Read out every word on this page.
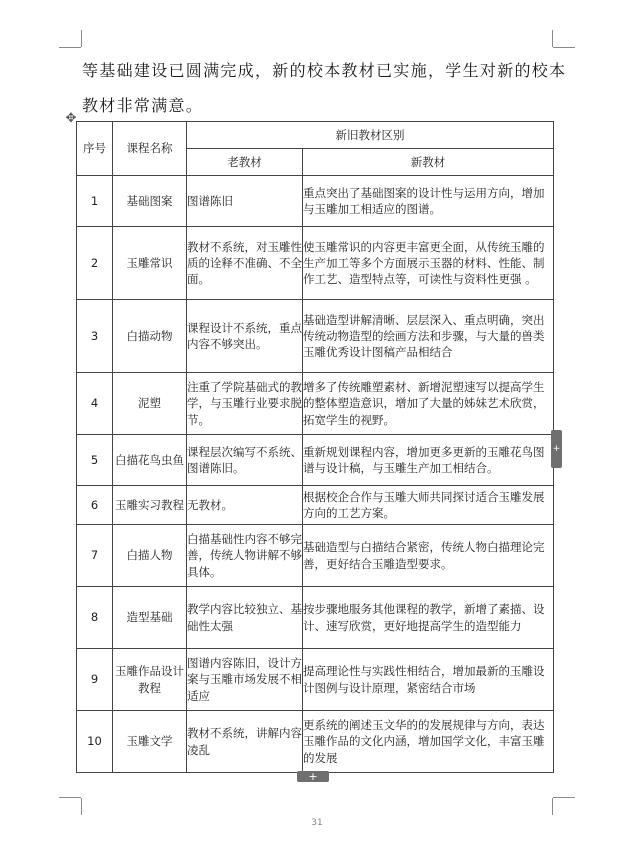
等基础建设已圆满完成，新的校本教材已实施，学生对新的校本
教材非常满意。
✥
序号	课程名称	新旧教材区别	
		老教材	新教材
1	基础图案	图谱陈旧	重点突出了基础图案的设计性与运用方向，增加与玉雕加工相适应的图谱。
2	玉雕常识	教材不系统，对玉雕性质的诠释不准确、不全面。	使玉雕常识的内容更丰富更全面，从传统玉雕的生产加工等多个方面展示玉器的材料、性能、制作工艺、造型特点等，可读性与资料性更强 。
3	白描动物	课程设计不系统，重点内容不够突出。	基础造型讲解清晰、层层深入、重点明确，突出传统动物造型的绘画方法和步骤，与大量的兽类玉雕优秀设计图稿产品相结合
4	泥塑	注重了学院基础式的教学，与玉雕行业要求脱节。	增多了传统雕塑素材、新增泥塑速写以提高学生的整体塑造意识，增加了大量的姊妹艺术欣赏，拓宽学生的视野。
5	白描花鸟虫鱼	课程层次编写不系统、图谱陈旧。	重新规划课程内容，增加更多更新的玉雕花鸟图谱与设计稿，与玉雕生产加工相结合。
6	玉雕实习教程	无教材。	根据校企合作与玉雕大师共同探讨适合玉雕发展方向的工艺方案。
7	白描人物	白描基础性内容不够完善，传统人物讲解不够具体。	基础造型与白描结合紧密，传统人物白描理论完善，更好结合玉雕造型要求。
8	造型基础	教学内容比较独立、基础性太强	按步骤地服务其他课程的教学，新增了素描、设计、速写欣赏，更好地提高学生的造型能力
9	玉雕作品设计教程	图谱内容陈旧，设计方案与玉雕市场发展不相适应	提高理论性与实践性相结合，增加最新的玉雕设计图例与设计原理，紧密结合市场
10	玉雕文学	教材不系统，讲解内容凌乱	更系统的阐述玉文华的的发展规律与方向，表达玉雕作品的文化内涵，增加国学文化，丰富玉雕的发展
+
+
31
